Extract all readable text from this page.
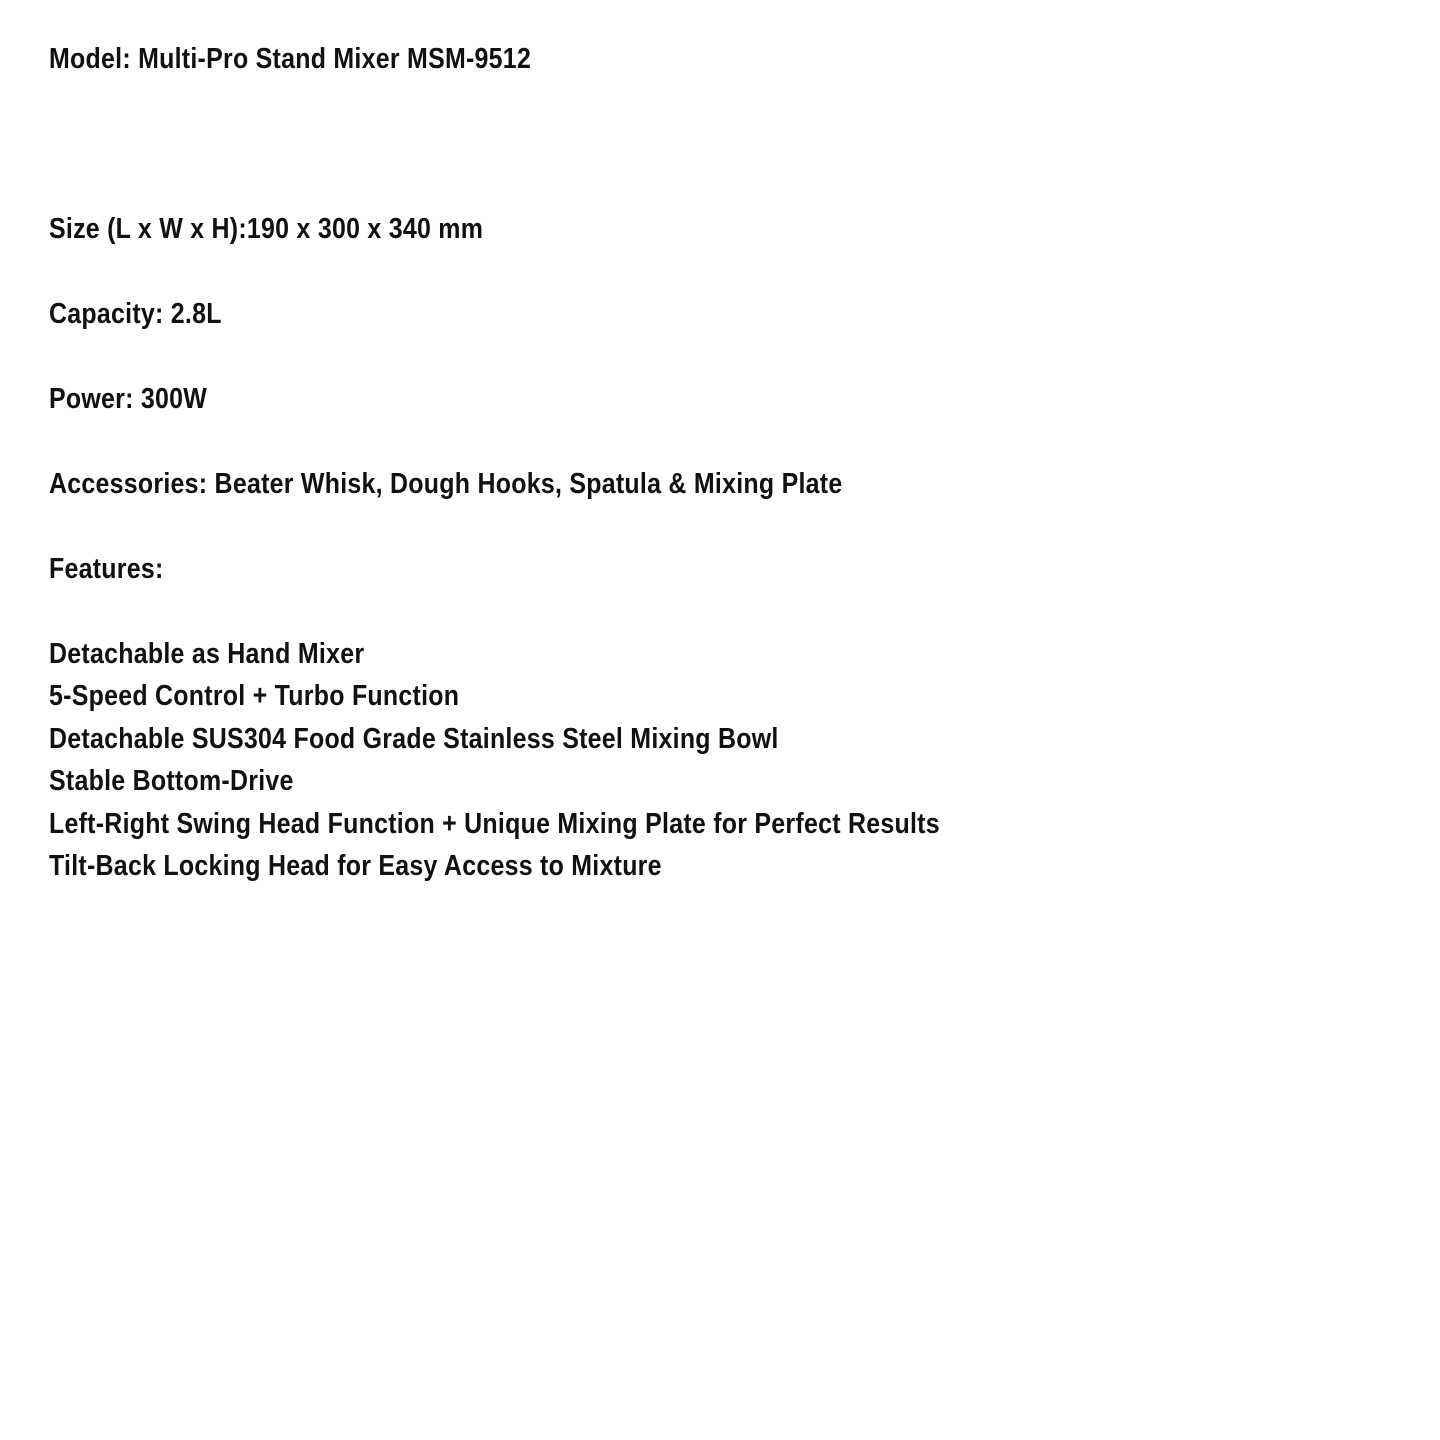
Model: Multi-Pro Stand Mixer MSM-9512
Size (L x W x H):190 x 300 x 340 mm
Capacity: 2.8L
Power: 300W
Accessories: Beater Whisk, Dough Hooks, Spatula & Mixing Plate
Features:
Detachable as Hand Mixer
5-Speed Control + Turbo Function
Detachable SUS304 Food Grade Stainless Steel Mixing Bowl
Stable Bottom-Drive
Left-Right Swing Head Function + Unique Mixing Plate for Perfect Results
Tilt-Back Locking Head for Easy Access to Mixture
